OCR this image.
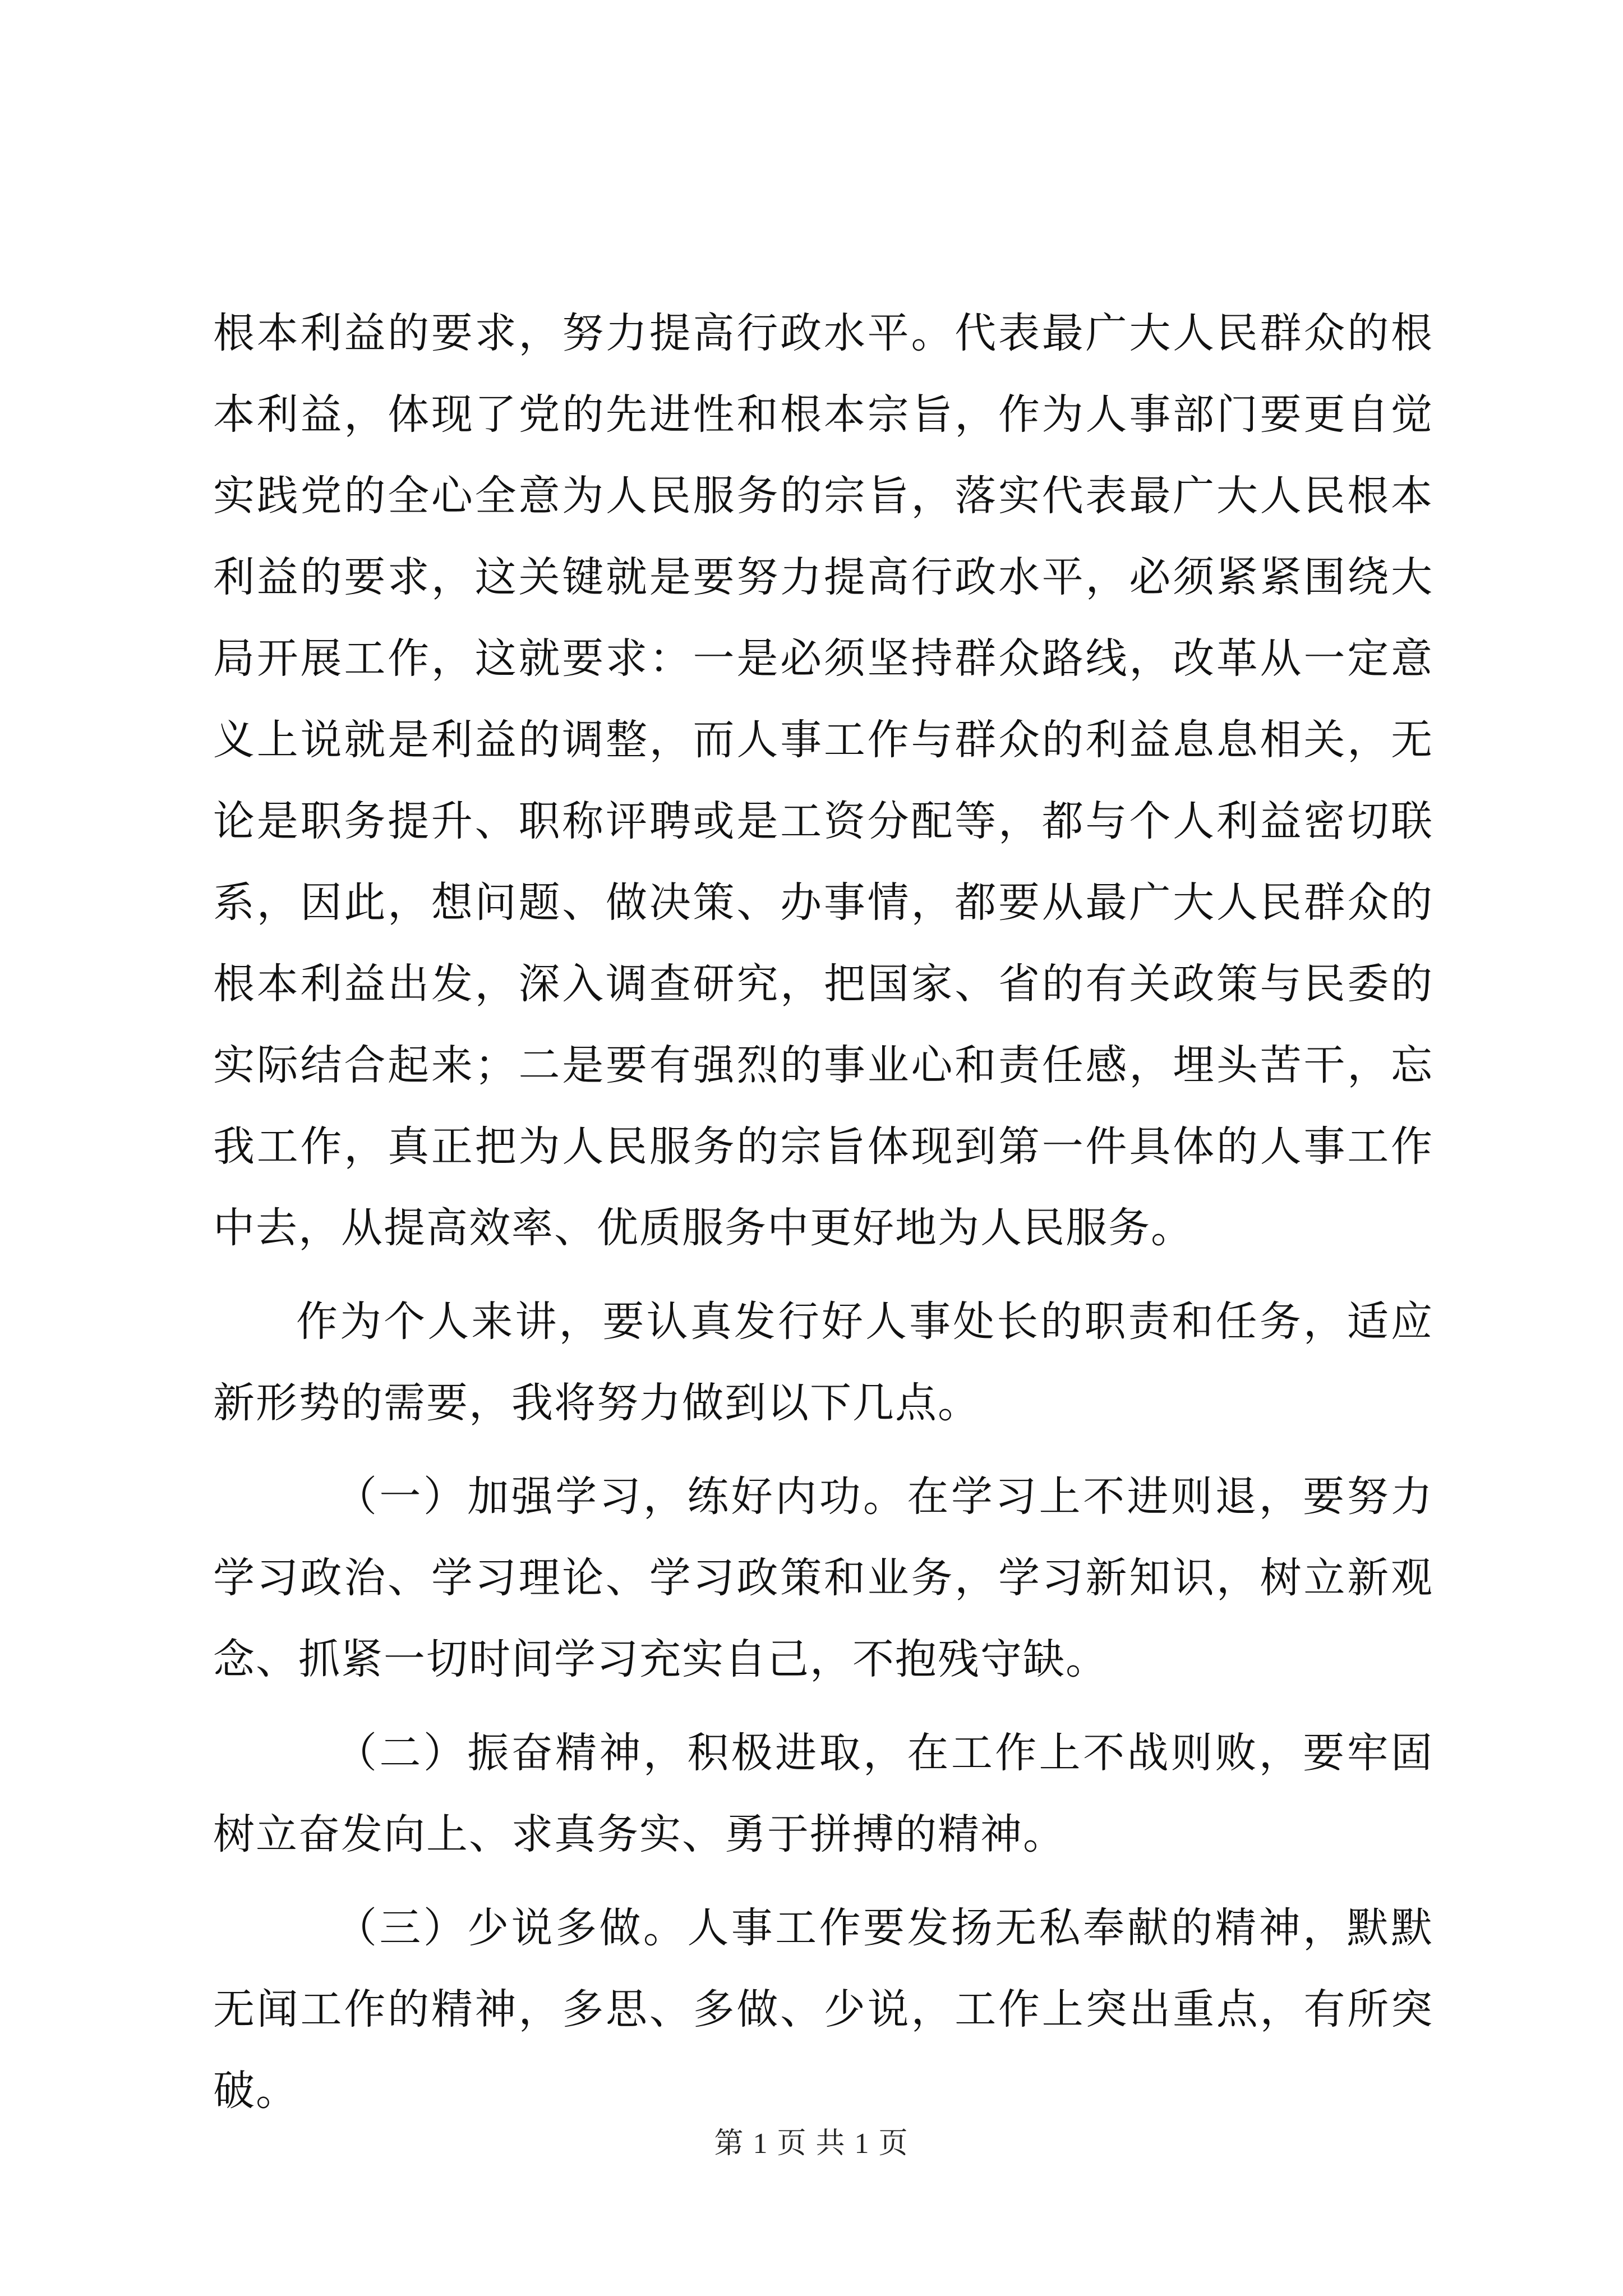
根本利益的要求，努力提高行政水平。代表最广大人民群众的根本利益，体现了党的先进性和根本宗旨，作为人事部门要更自觉实践党的全心全意为人民服务的宗旨，落实代表最广大人民根本利益的要求，这关键就是要努力提高行政水平，必须紧紧围绕大局开展工作，这就要求：一是必须坚持群众路线，改革从一定意义上说就是利益的调整，而人事工作与群众的利益息息相关，无论是职务提升、职称评聘或是工资分配等，都与个人利益密切联系，因此，想问题、做决策、办事情，都要从最广大人民群众的根本利益出发，深入调查研究，把国家、省的有关政策与民委的实际结合起来；二是要有强烈的事业心和责任感，埋头苦干，忘我工作，真正把为人民服务的宗旨体现到第一件具体的人事工作中去，从提高效率、优质服务中更好地为人民服务。

作为个人来讲，要认真发行好人事处长的职责和任务，适应新形势的需要，我将努力做到以下几点。

（一）加强学习，练好内功。在学习上不进则退，要努力学习政治、学习理论、学习政策和业务，学习新知识，树立新观念、抓紧一切时间学习充实自己，不抱残守缺。

（二）振奋精神，积极进取，在工作上不战则败，要牢固树立奋发向上、求真务实、勇于拼搏的精神。

（三）少说多做。人事工作要发扬无私奉献的精神，默默无闻工作的精神，多思、多做、少说，工作上突出重点，有所突破。

第 1 页 共 1 页
